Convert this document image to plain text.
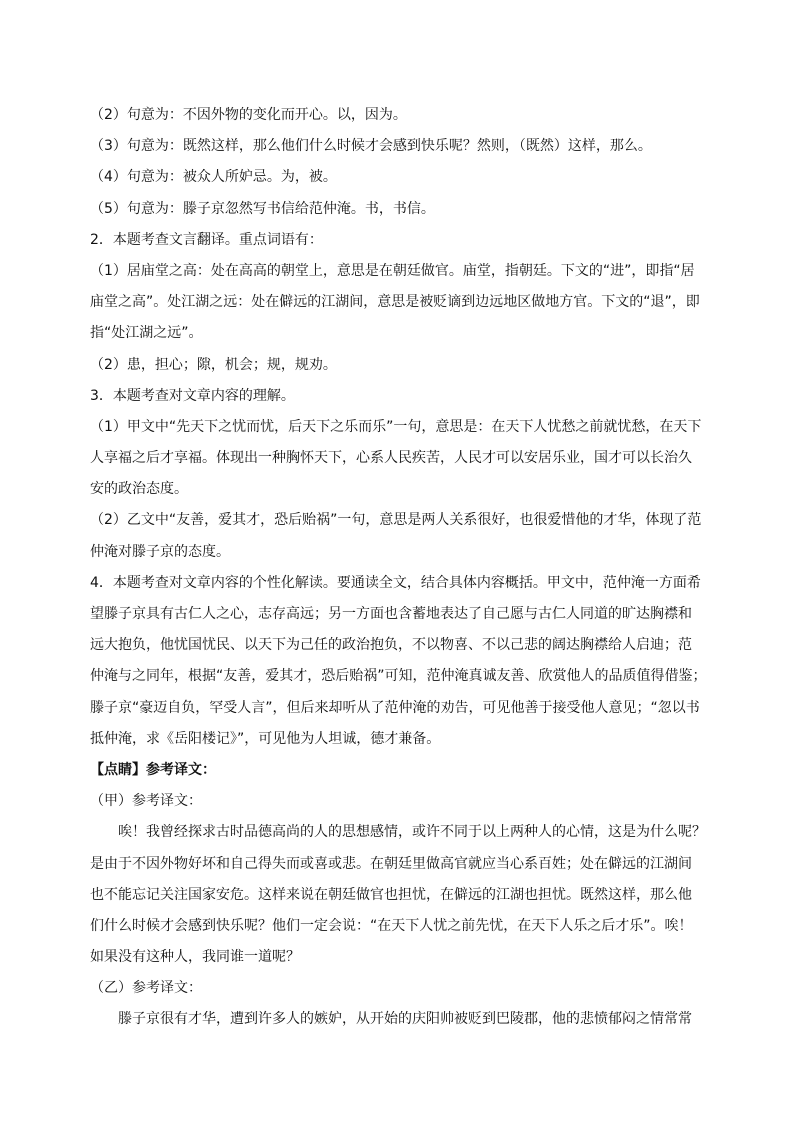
（2）句意为：不因外物的变化而开心。以，因为。
（3）句意为：既然这样，那么他们什么时候才会感到快乐呢？然则，（既然）这样，那么。
（4）句意为：被众人所妒忌。为，被。
（5）句意为：滕子京忽然写书信给范仲淹。书，书信。
2．本题考查文言翻译。重点词语有：
（1）居庙堂之高：处在高高的朝堂上，意思是在朝廷做官。庙堂，指朝廷。下文的“进”，即指“居
庙堂之高”。处江湖之远：处在僻远的江湖间，意思是被贬谪到边远地区做地方官。下文的“退”，即
指“处江湖之远”。
（2）患，担心；隙，机会；规，规劝。
3．本题考查对文章内容的理解。
（1）甲文中“先天下之忧而忧，后天下之乐而乐”一句，意思是：在天下人忧愁之前就忧愁，在天下
人享福之后才享福。体现出一种胸怀天下，心系人民疾苦，人民才可以安居乐业，国才可以长治久
安的政治态度。
（2）乙文中“友善，爱其才，恐后贻祸”一句，意思是两人关系很好，也很爱惜他的才华，体现了范
仲淹对滕子京的态度。
4．本题考查对文章内容的个性化解读。要通读全文，结合具体内容概括。甲文中，范仲淹一方面希
望滕子京具有古仁人之心，志存高远；另一方面也含蓄地表达了自己愿与古仁人同道的旷达胸襟和
远大抱负，他忧国忧民、以天下为己任的政治抱负，不以物喜、不以己悲的阔达胸襟给人启迪；范
仲淹与之同年，根据“友善，爱其才，恐后贻祸”可知，范仲淹真诚友善、欣赏他人的品质值得借鉴；
滕子京“豪迈自负，罕受人言”，但后来却听从了范仲淹的劝告，可见他善于接受他人意见；“忽以书
抵仲淹，求《岳阳楼记》”，可见他为人坦诚，德才兼备。
【点睛】参考译文：
（甲）参考译文：
唉！我曾经探求古时品德高尚的人的思想感情，或许不同于以上两种人的心情，这是为什么呢？
是由于不因外物好坏和自己得失而或喜或悲。在朝廷里做高官就应当心系百姓；处在僻远的江湖间
也不能忘记关注国家安危。这样来说在朝廷做官也担忧，在僻远的江湖也担忧。既然这样，那么他
们什么时候才会感到快乐呢？他们一定会说：“在天下人忧之前先忧，在天下人乐之后才乐”。唉！
如果没有这种人，我同谁一道呢？
（乙）参考译文：
滕子京很有才华，遭到许多人的嫉妒，从开始的庆阳帅被贬到巴陵郡，他的悲愤郁闷之情常常
